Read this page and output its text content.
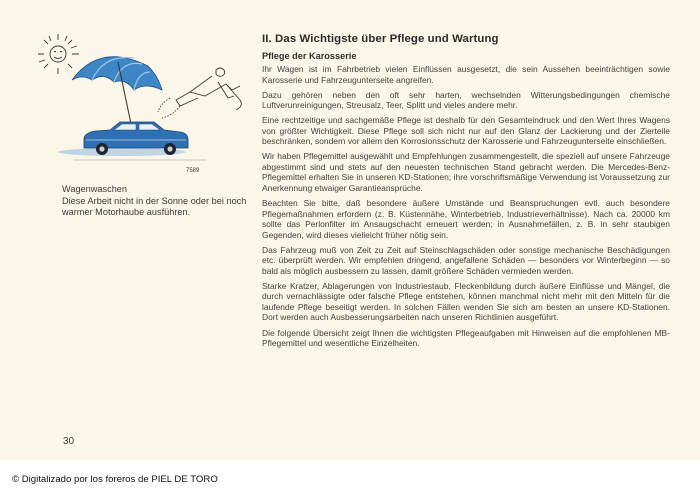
7589
Wagenwaschen
Diese Arbeit nicht in der Sonne oder bei noch warmer Motorhaube ausführen.
30
II. Das Wichtigste über Pflege und Wartung
Pflege der Karosserie

Ihr Wagen ist im Fahrbetrieb vielen Einflüssen ausgesetzt, die sein Aussehen beeinträchtigen sowie Karosserie und Fahrzeugunterseite angreifen.

Dazu gehören neben den oft sehr harten, wechselnden Witterungsbedingungen chemische Luftverunreinigungen, Streusalz, Teer, Splitt und vieles andere mehr.

Eine rechtzeitige und sachgemäße Pflege ist deshalb für den Gesamteindruck und den Wert Ihres Wagens von größter Wichtigkeit. Diese Pflege soll sich nicht nur auf den Glanz der Lackierung und der Zierteile beschränken, sondern vor allem den Korrosionsschutz der Karosserie und Fahrzeugunterseite einschließen.

Wir haben Pflegemittel ausgewählt und Empfehlungen zusammengestellt, die speziell auf unsere Fahrzeuge abgestimmt sind und stets auf den neuesten technischen Stand gebracht werden. Die Mercedes-Benz-Pflegemittel erhalten Sie in unseren KD-Stationen; ihre vorschriftsmäßige Verwendung ist Voraussetzung zur Anerkennung etwaiger Garantieansprüche.

Beachten Sie bitte, daß besondere äußere Umstände und Beanspruchungen evtl. auch besondere Pflegemaßnahmen erfordern (z. B. Küstennähe, Winterbetrieb, Industrieverhältnisse). Nach ca. 20000 km sollte das Perlonfilter im Ansaugschacht erneuert werden; in Ausnahmefällen, z. B. in sehr staubigen Gegenden, wird dieses vielleicht früher nötig sein.

Das Fahrzeug muß von Zeit zu Zeit auf Steinschlagschäden oder sonstige mechanische Beschädigungen etc. überprüft werden. Wir empfehlen dringend, angefallene Schäden — besonders vor Winterbeginn — so bald als möglich ausbessern zu lassen, damit größere Schäden vermieden werden.

Starke Kratzer, Ablagerungen von Industriestaub, Fleckenbildung durch äußere Einflüsse und Mängel, die durch vernachlässigte oder falsche Pflege entstehen, können manchmal nicht mehr mit den Mitteln für die laufende Pflege beseitigt werden. In solchen Fällen wenden Sie sich am besten an unsere KD-Stationen. Dort werden auch Ausbesserungsarbeiten nach unseren Richtlinien ausgeführt.

Die folgende Übersicht zeigt Ihnen die wichtigsten Pflegeaufgaben mit Hinweisen auf die empfohlenen MB-Pflegemittel und wesentliche Einzelheiten.

© Digitalizado por los foreros de PIEL DE TORO
